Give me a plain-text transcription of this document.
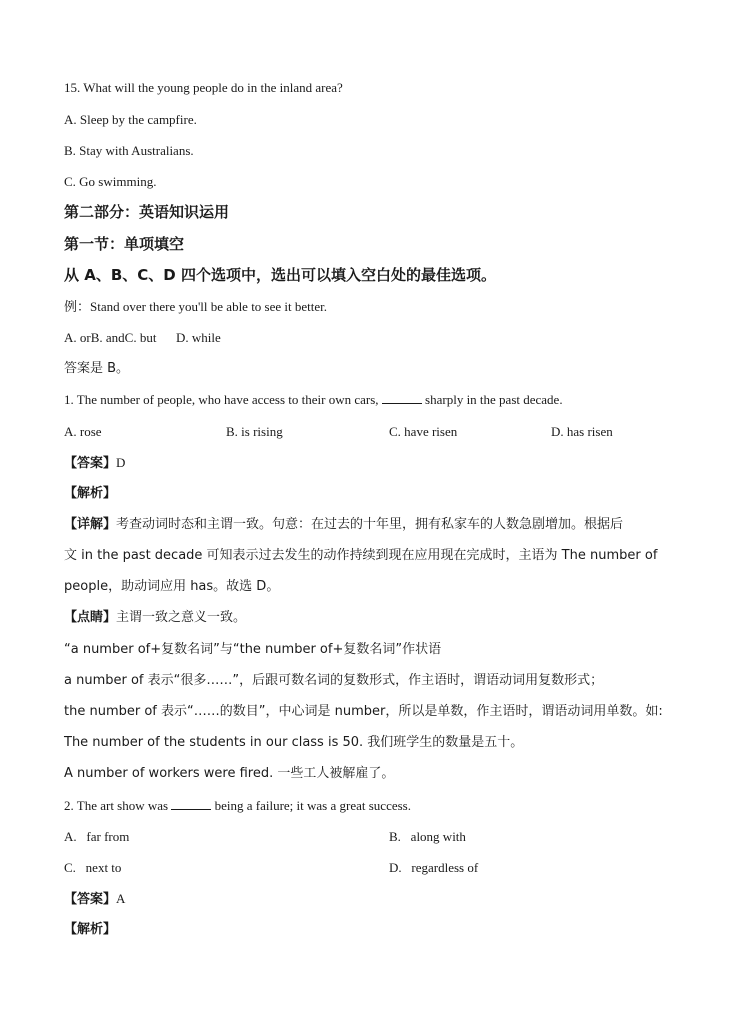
15. What will the young people do in the inland area?
A. Sleep by the campfire.
B. Stay with Australians.
C. Go swimming.
第二部分：英语知识运用
第一节：单项填空
从 A、B、C、D 四个选项中，选出可以填入空白处的最佳选项。
例：Stand over there you'll be able to see it better.
A. orB. andC. but      D. while
答案是 B。
1. The number of people, who have access to their own cars,	sharply in the past decade.
A. rose	B. is rising	C. have risen	D. has risen
【答案】D
【解析】
【详解】考查动词时态和主谓一致。句意：在过去的十年里，拥有私家车的人数急剧增加。根据后
文 in the past decade 可知表示过去发生的动作持续到现在应用现在完成时，主语为 The number of
people，助动词应用 has。故选 D。
【点睛】主谓一致之意义一致。
“a number of+复数名词”与“the number of+复数名词”作状语
a number of 表示“很多……”，后跟可数名词的复数形式，作主语时，谓语动词用复数形式；
the number of 表示“……的数目”，中心词是 number，所以是单数，作主语时，谓语动词用单数。如:
The number of the students in our class is 50. 我们班学生的数量是五十。
A number of workers were fired. 一些工人被解雇了。
2. The art show was	being a failure; it was a great success.
A.   far from	B.   along with
C.   next to	D.   regardless of
【答案】A
【解析】
